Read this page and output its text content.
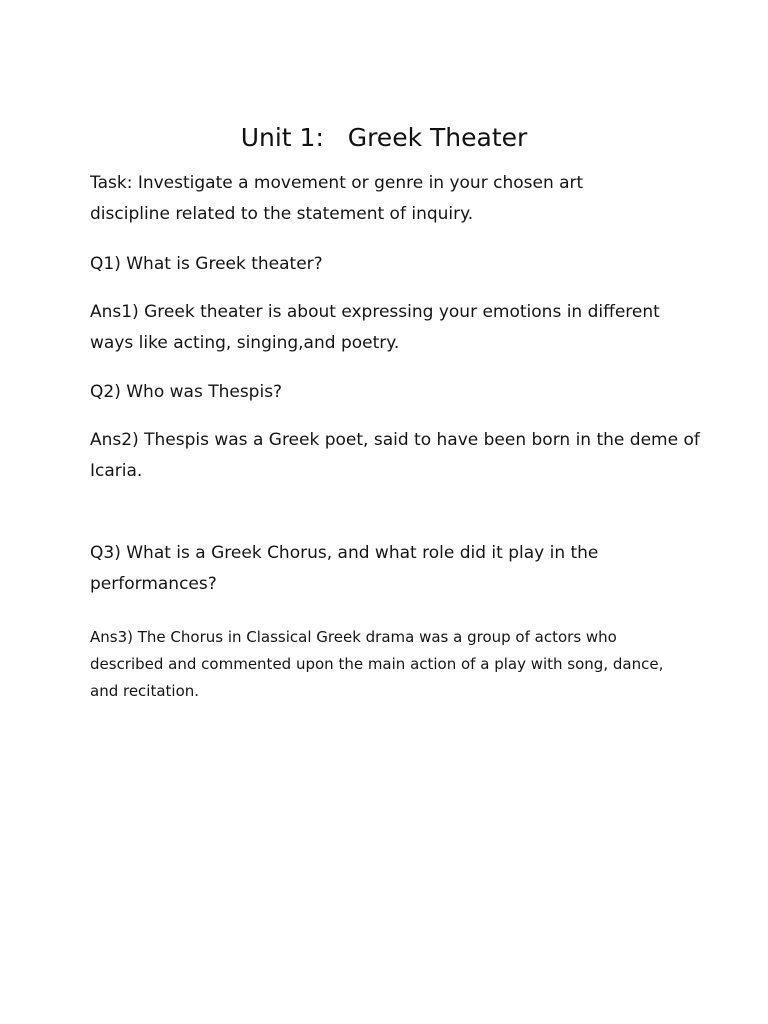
Unit 1:   Greek Theater
Task: Investigate a movement or genre in your chosen art
discipline related to the statement of inquiry.
Q1) What is Greek theater?
Ans1) Greek theater is about expressing your emotions in different
ways like acting, singing,and poetry.
Q2) Who was Thespis?
Ans2) Thespis was a Greek poet, said to have been born in the deme of
Icaria.
Q3) What is a Greek Chorus, and what role did it play in the
performances?
Ans3) The Chorus in Classical Greek drama was a group of actors who
described and commented upon the main action of a play with song, dance,
and recitation.
